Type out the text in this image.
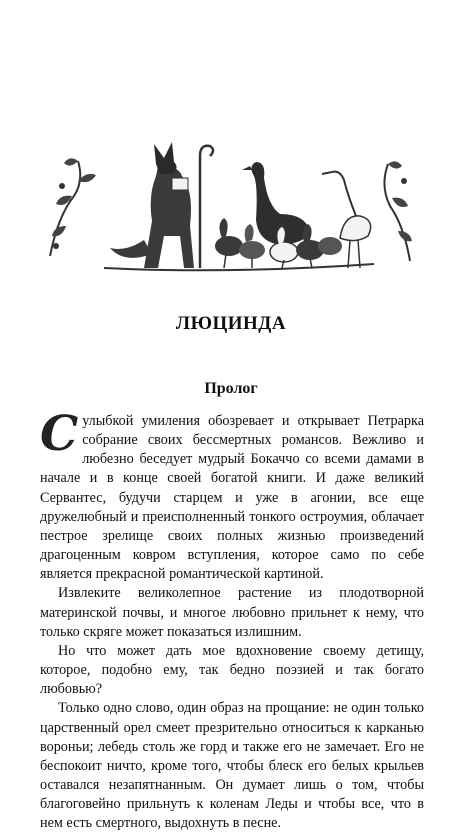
ЛЮЦИНДА
Пролог

Сулыбкой умиления обозревает и открывает Петрарка собрание своих бессмертных романсов. Вежливо и любезно беседует мудрый Бокаччо со всеми дамами в начале и в конце своей богатой книги. И даже великий Сервантес, будучи старцем и уже в агонии, все еще дружелюбный и преисполненный тонкого остроумия, облачает пестрое зрелище своих полных жизнью произведений драгоценным ковром вступления, которое само по себе является прекрасной романтической картиной.

Извлеките великолепное растение из плодотворной материнской почвы, и многое любовно прильнет к нему, что только скряге может показаться излишним.

Но что может дать мое вдохновение своему детищу, которое, подобно ему, так бедно поэзией и так богато любовью?

Только одно слово, один образ на прощание: не один только царственный орел смеет презрительно относиться к карканью вороньи; лебедь столь же горд и также его не замечает. Его не беспокоит ничто, кроме того, чтобы блеск его белых крыльев оставался незапятнанным. Он думает лишь о том, чтобы благоговейно прильнуть к коленам Леды и чтобы все, что в нем есть смертного, выдохнуть в песне.
